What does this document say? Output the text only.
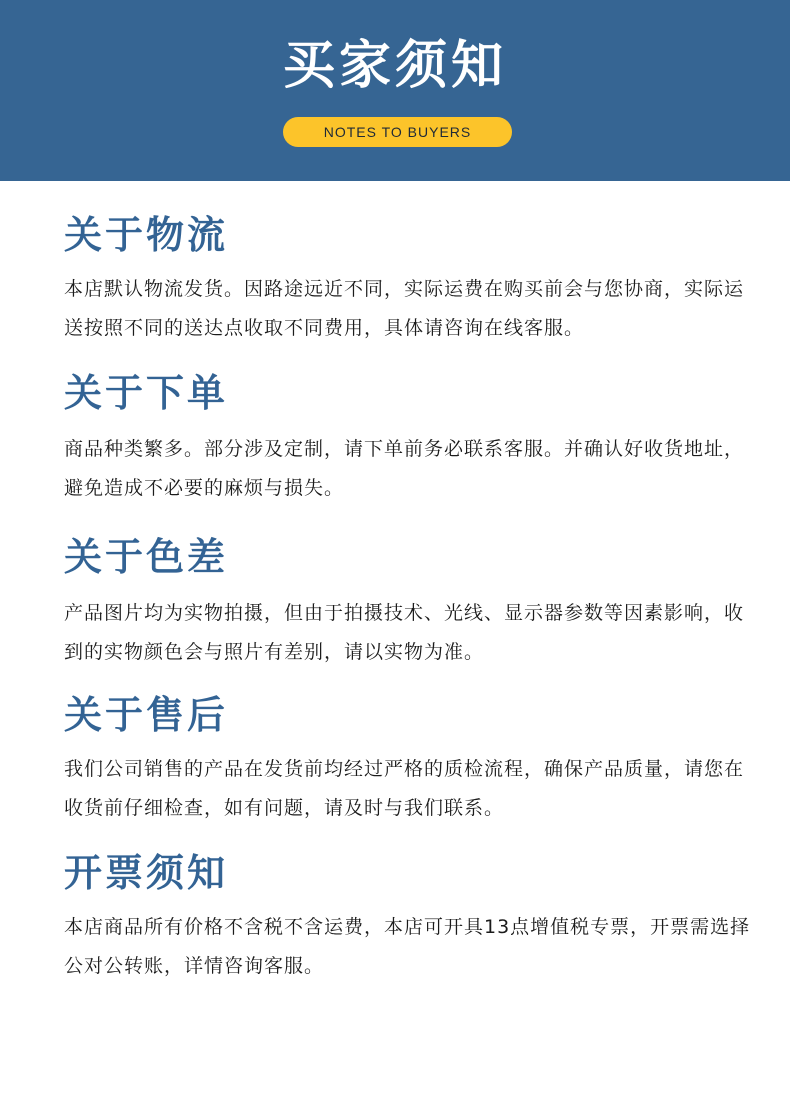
买家须知
NOTES TO BUYERS
关于物流

本店默认物流发货。因路途远近不同，实际运费在购买前会与您协商，实际运送按照不同的送达点收取不同费用，具体请咨询在线客服。

关于下单

商品种类繁多。部分涉及定制，请下单前务必联系客服。并确认好收货地址，避免造成不必要的麻烦与损失。

关于色差

产品图片均为实物拍摄，但由于拍摄技术、光线、显示器参数等因素影响，收到的实物颜色会与照片有差别，请以实物为准。

关于售后

我们公司销售的产品在发货前均经过严格的质检流程，确保产品质量，请您在收货前仔细检查，如有问题，请及时与我们联系。

开票须知

本店商品所有价格不含税不含运费，本店可开具13点增值税专票，开票需选择公对公转账，详情咨询客服。
